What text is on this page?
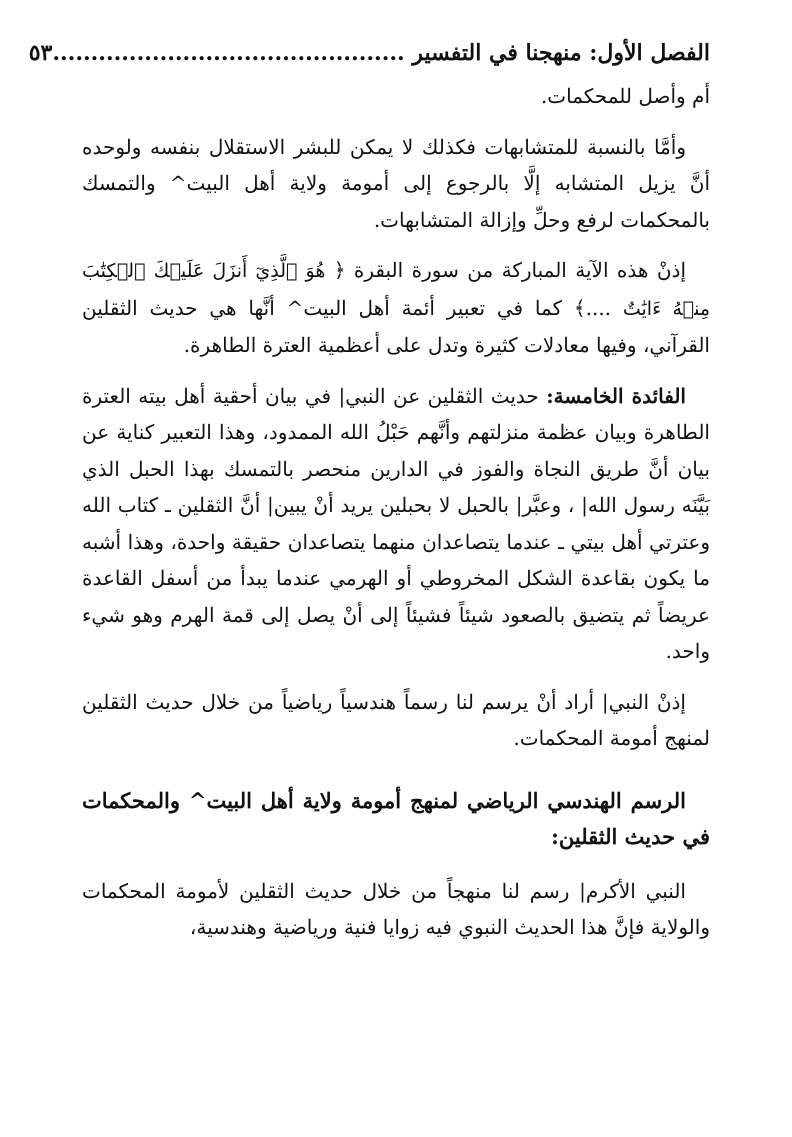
الفصل الأول: منهجنا في التفسير ..............................................
٥٣

أم وأصل للمحكمات.

وأمَّا بالنسبة للمتشابهات فكذلك لا يمكن للبشر الاستقلال بنفسه ولوحده أنَّ يزيل المتشابه إلَّا بالرجوع إلى أمومة ولاية أهل البيت^ والتمسك بالمحكمات لرفع وحلِّ وإزالة المتشابهات.

إذنْ هذه الآية المباركة من سورة البقرة ﴿ هُوَ ٱلَّذِيٓ أَنزَلَ عَلَيۡكَ ٱلۡكِتَٰبَ مِنۡهُ ءَايَٰتٌ ....﴾ كما في تعبير أئمة أهل البيت^ أنَّها هي حديث الثقلين القرآني، وفيها معادلات كثيرة وتدل على أعظمية العترة الطاهرة.

الفائدة الخامسة: حديث الثقلين عن النبي| في بيان أحقية أهل بيته العترة الطاهرة وبيان عظمة منزلتهم وأنَّهم حَبْلُ الله الممدود، وهذا التعبير كناية عن بيان أنَّ طريق النجاة والفوز في الدارين منحصر بالتمسك بهذا الحبل الذي بَيَّنَه رسول الله| ، وعبَّر| بالحبل لا بحبلين يريد أنْ يبين| أنَّ الثقلين ـ كتاب الله وعترتي أهل بيتي ـ عندما يتصاعدان منهما يتصاعدان حقيقة واحدة، وهذا أشبه ما يكون بقاعدة الشكل المخروطي أو الهرمي عندما يبدأ من أسفل القاعدة عريضاً ثم يتضيق بالصعود شيئاً فشيئاً إلى أنْ يصل إلى قمة الهرم وهو شيء واحد.

إذنْ النبي| أراد أنْ يرسم لنا رسماً هندسياً رياضياً من خلال حديث الثقلين لمنهج أمومة المحكمات.

الرسم الهندسي الرياضي لمنهج أمومة ولاية أهل البيت^ والمحكمات في حديث الثقلين:

النبي الأكرم| رسم لنا منهجاً من خلال حديث الثقلين لأمومة المحكمات والولاية فإنَّ هذا الحديث النبوي فيه زوايا فنية ورياضية وهندسية،
